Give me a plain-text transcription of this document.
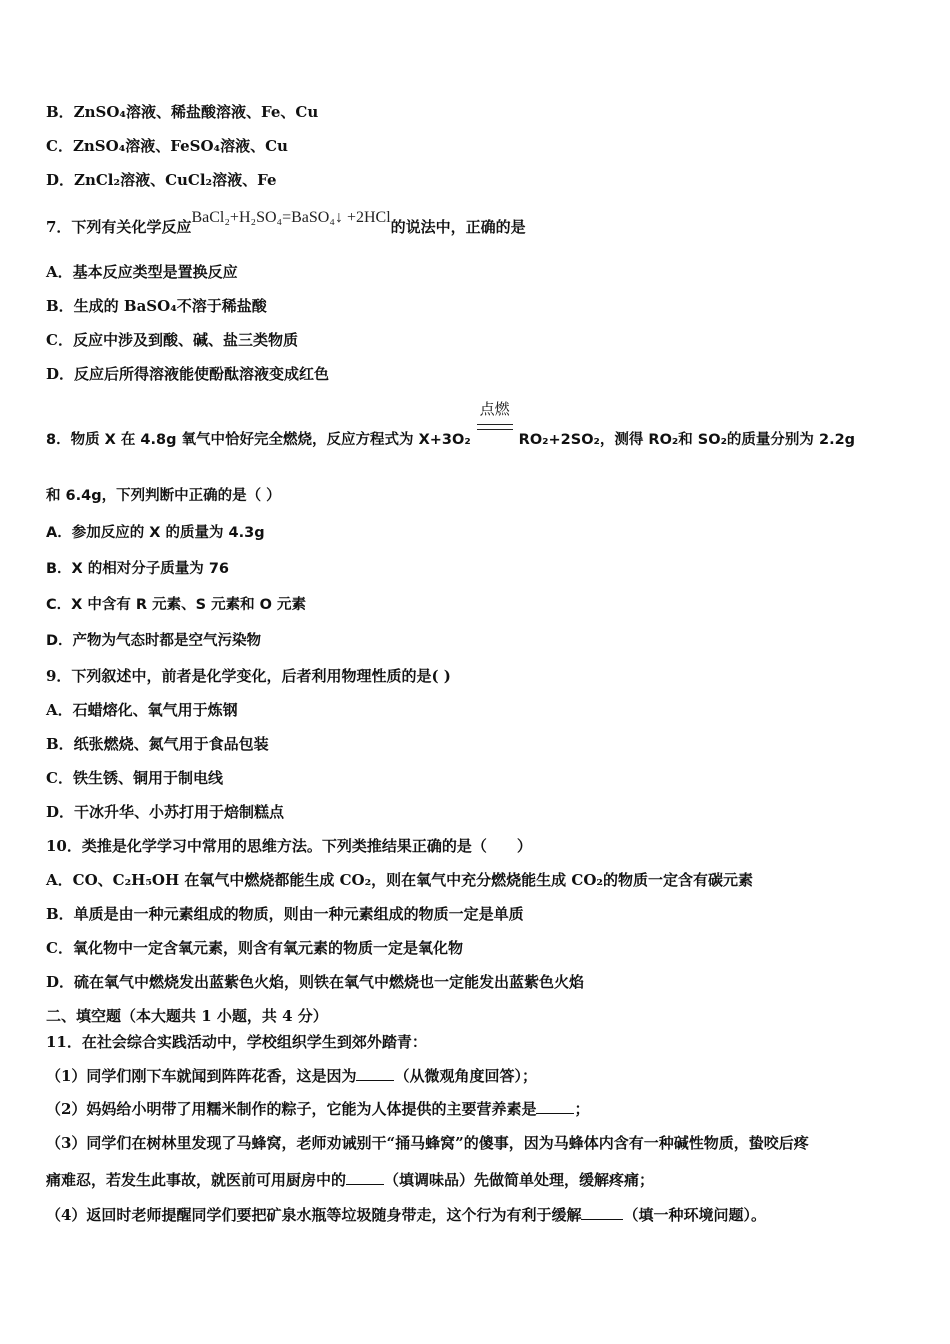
B．ZnSO₄溶液、稀盐酸溶液、Fe、Cu
C．ZnSO₄溶液、FeSO₄溶液、Cu
D．ZnCl₂溶液、CuCl₂溶液、Fe
7．下列有关化学反应BaCl₂+H₂SO₄=BaSO₄↓ +2HCl的说法中，正确的是
A．基本反应类型是置换反应
B．生成的 BaSO₄不溶于稀盐酸
C．反应中涉及到酸、碱、盐三类物质
D．反应后所得溶液能使酚酞溶液变成红色
8．物质 X 在 4.8g 氧气中恰好完全燃烧，反应方程式为 X+3O₂
点燃
RO₂+2SO₂，测得 RO₂和 SO₂的质量分别为 2.2g
和 6.4g，下列判断中正确的是（ ）
A．参加反应的 X 的质量为 4.3g
B．X 的相对分子质量为 76
C．X 中含有 R 元素、S 元素和 O 元素
D．产物为气态时都是空气污染物
9．下列叙述中，前者是化学变化，后者利用物理性质的是( )
A．石蜡熔化、氧气用于炼钢
B．纸张燃烧、氮气用于食品包装
C．铁生锈、铜用于制电线
D．干冰升华、小苏打用于焙制糕点
10．类推是化学学习中常用的思维方法。下列类推结果正确的是（　　）
A．CO、C₂H₅OH 在氧气中燃烧都能生成 CO₂，则在氧气中充分燃烧能生成 CO₂的物质一定含有碳元素
B．单质是由一种元素组成的物质，则由一种元素组成的物质一定是单质
C．氧化物中一定含氧元素，则含有氧元素的物质一定是氧化物
D．硫在氧气中燃烧发出蓝紫色火焰，则铁在氧气中燃烧也一定能发出蓝紫色火焰
二、填空题（本大题共 1 小题，共 4 分）
11．在社会综合实践活动中，学校组织学生到郊外踏青：
（1）同学们刚下车就闻到阵阵花香，这是因为	（从微观角度回答）；
（2）妈妈给小明带了用糯米制作的粽子，它能为人体提供的主要营养素是	；
（3）同学们在树林里发现了马蜂窝，老师劝诫别干“捅马蜂窝”的傻事，因为马蜂体内含有一种碱性物质，蛰咬后疼
痛难忍，若发生此事故，就医前可用厨房中的	（填调味品）先做简单处理，缓解疼痛；
（4）返回时老师提醒同学们要把矿泉水瓶等垃圾随身带走，这个行为有利于缓解	（填一种环境问题）。
